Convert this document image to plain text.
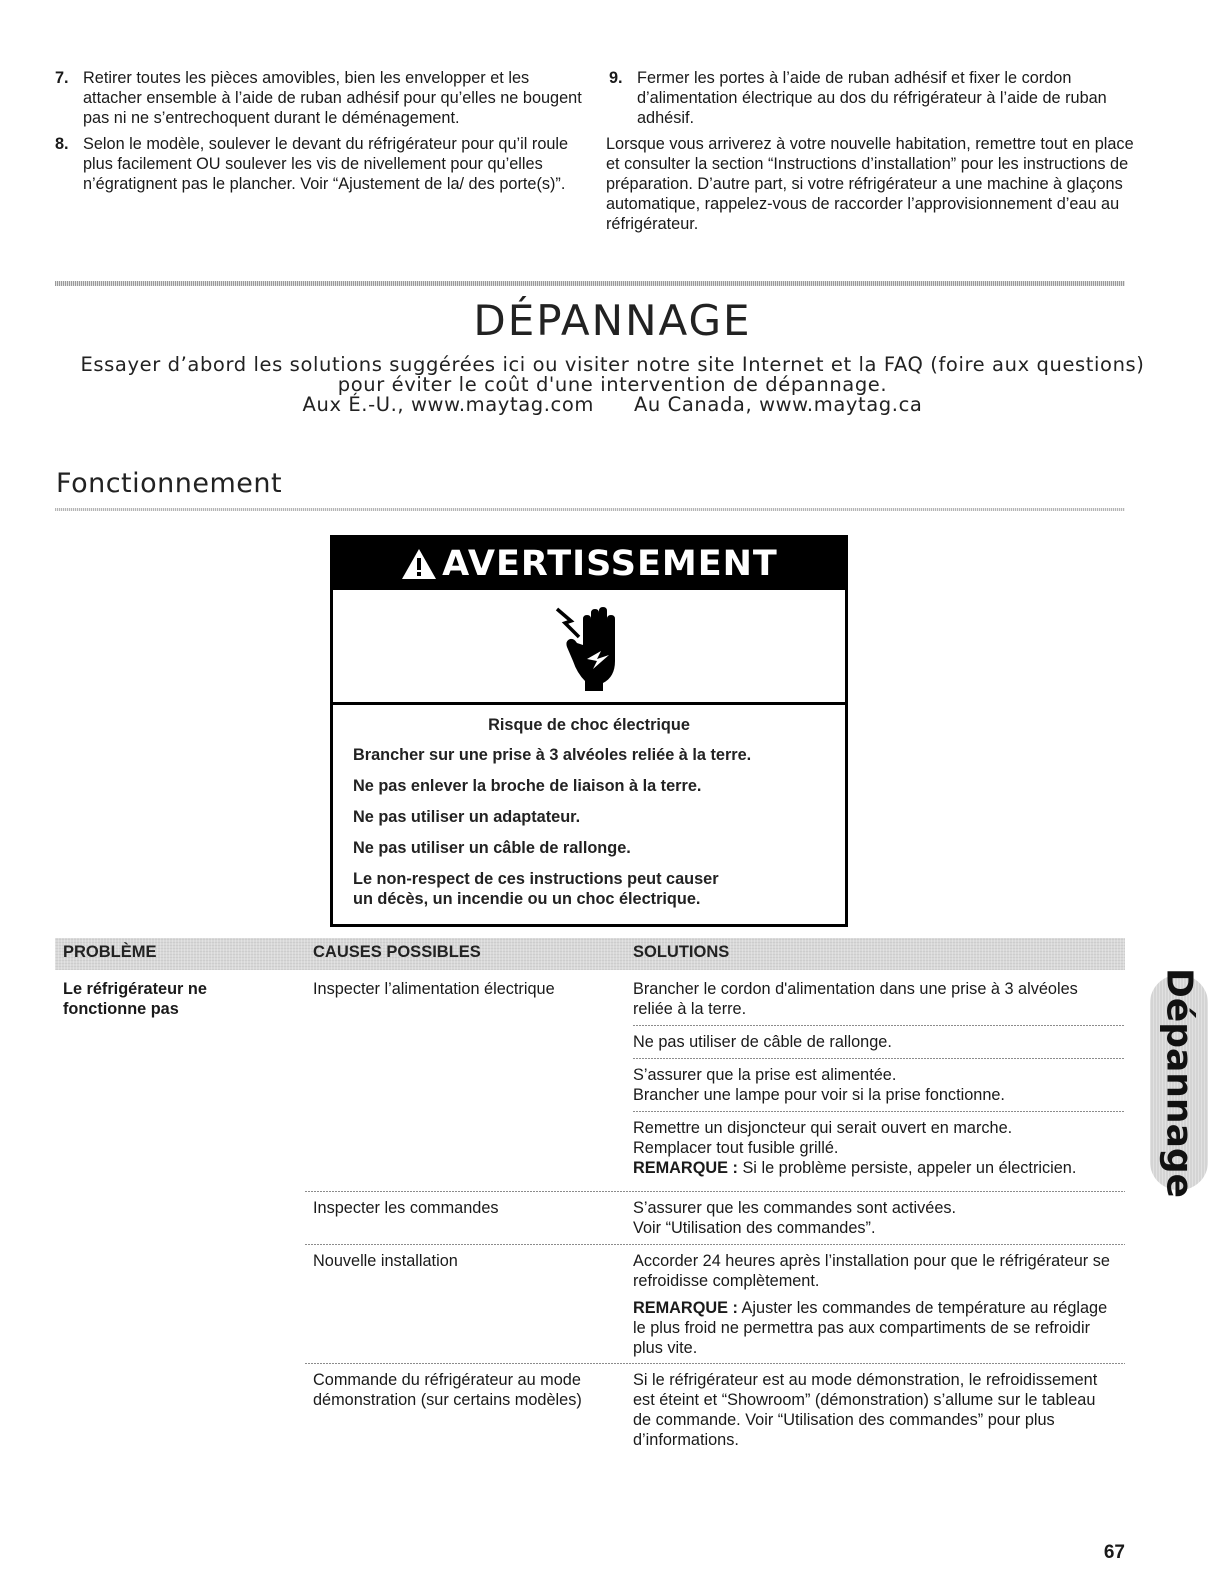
7. Retirer toutes les pièces amovibles, bien les envelopper et les attacher ensemble à l’aide de ruban adhésif pour qu’elles ne bougent pas ni ne s’entrechoquent durant le déménagement.
8. Selon le modèle, soulever le devant du réfrigérateur pour qu’il roule plus facilement OU soulever les vis de nivellement pour qu’elles n’égratignent pas le plancher. Voir “Ajustement de la/ des porte(s)”.
9. Fermer les portes à l’aide de ruban adhésif et fixer le cordon d’alimentation électrique au dos du réfrigérateur à l’aide de ruban adhésif.

Lorsque vous arriverez à votre nouvelle habitation, remettre tout en place et consulter la section “Instructions d’installation” pour les instructions de préparation. D’autre part, si votre réfrigérateur a une machine à glaçons automatique, rappelez-vous de raccorder l’approvisionnement d’eau au réfrigérateur.

DÉPANNAGE
Essayer d’abord les solutions suggérées ici ou visiter notre site Internet et la FAQ (foire aux questions)
pour éviter le coût d'une intervention de dépannage.
Aux É.-U., www.maytag.com Au Canada, www.maytag.ca
Fonctionnement
AVERTISSEMENT

Risque de choc électrique

Brancher sur une prise à 3 alvéoles reliée à la terre.

Ne pas enlever la broche de liaison à la terre.

Ne pas utiliser un adaptateur.

Ne pas utiliser un câble de rallonge.

Le non-respect de ces instructions peut causer
un décès, un incendie ou un choc électrique.

PROBLÈME	CAUSES POSSIBLES	SOLUTIONS
Le réfrigérateur ne fonctionne pas
Inspecter l’alimentation électrique
Inspecter les commandes
Nouvelle installation
Commande du réfrigérateur au mode démonstration (sur certains modèles)
Brancher le cordon d'alimentation dans une prise à 3 alvéoles reliée à la terre.
Ne pas utiliser de câble de rallonge.
S’assurer que la prise est alimentée.
Brancher une lampe pour voir si la prise fonctionne.
Remettre un disjoncteur qui serait ouvert en marche.
Remplacer tout fusible grillé.
REMARQUE : Si le problème persiste, appeler un électricien.
S’assurer que les commandes sont activées.
Voir “Utilisation des commandes”.
Accorder 24 heures après l’installation pour que le réfrigérateur se refroidisse complètement.
REMARQUE : Ajuster les commandes de température au réglage le plus froid ne permettra pas aux compartiments de se refroidir plus vite.
Si le réfrigérateur est au mode démonstration, le refroidissement est éteint et “Showroom” (démonstration) s’allume sur le tableau de commande. Voir “Utilisation des commandes” pour plus d’informations.
Dépannage
67
